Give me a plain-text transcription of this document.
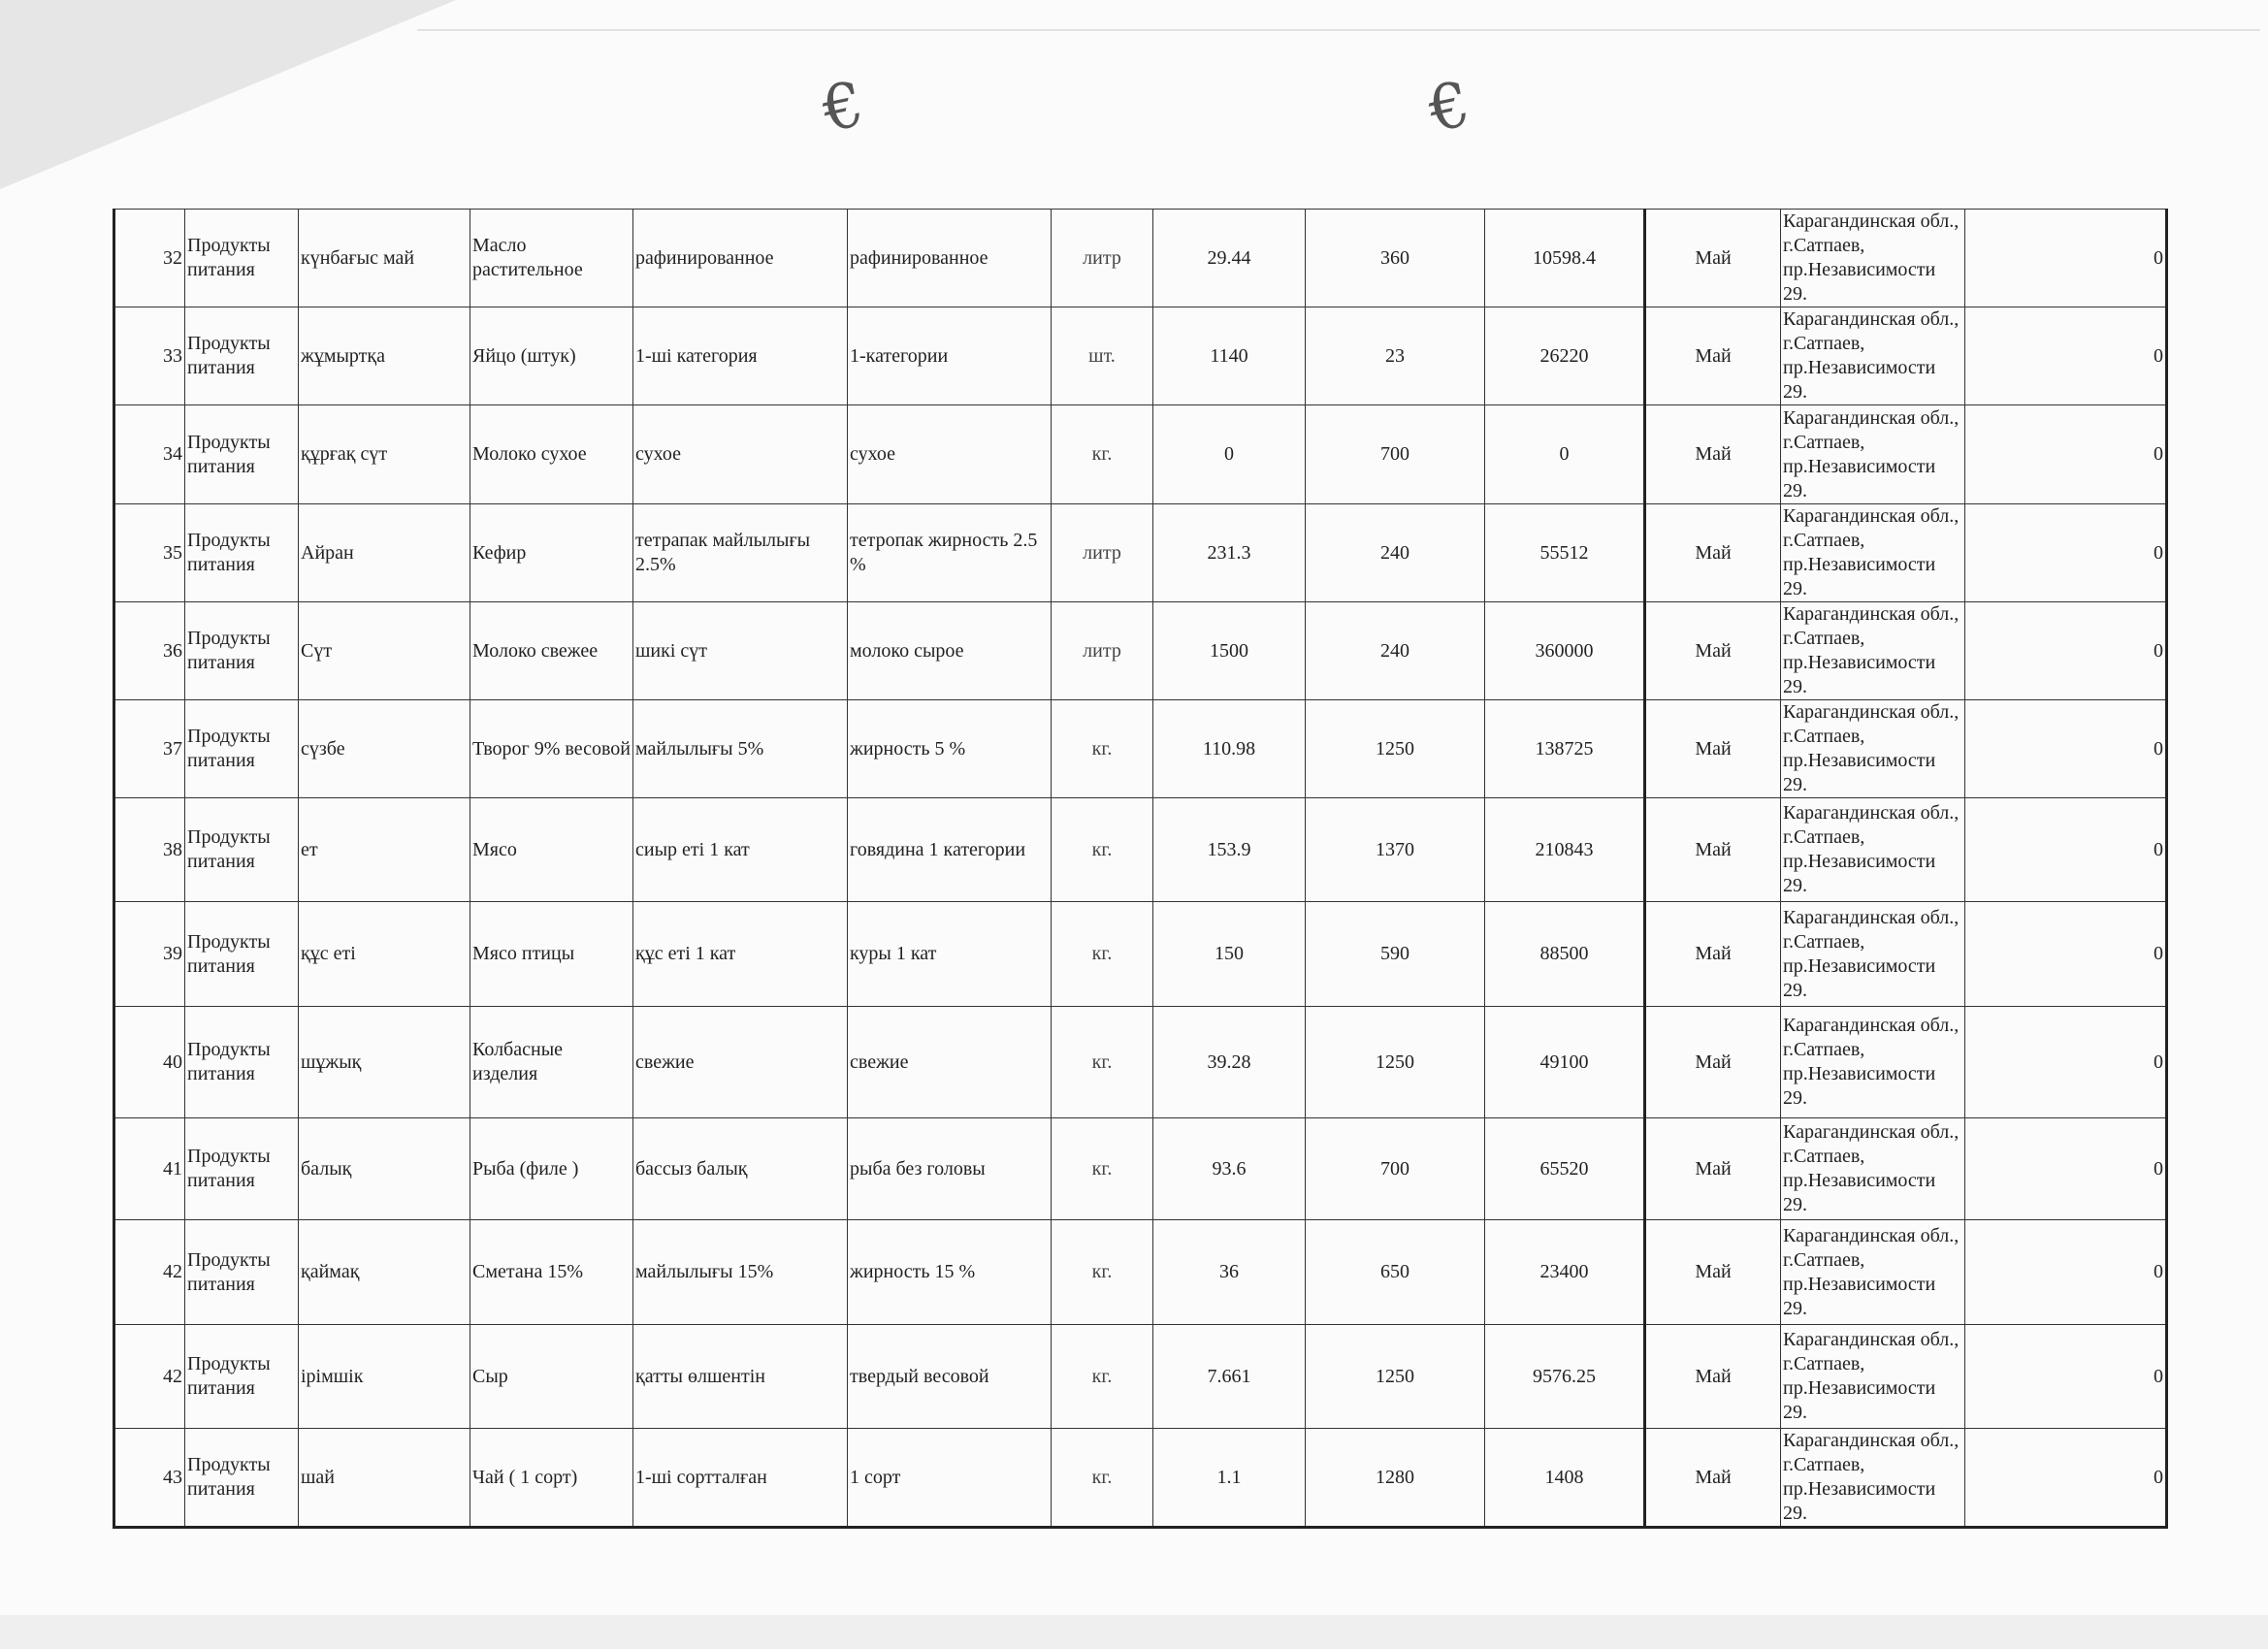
€	€
32	Продукты питания	күнбағыс май	Масло растительное	рафинированное	рафинированное	литр	29.44	360	10598.4	Май	Карагандинская обл., г.Сатпаев, пр.Независимости 29.	0
33	Продукты питания	жұмыртқа	Яйцо (штук)	1-ші категория	1-категории	шт.	1140	23	26220	Май	Карагандинская обл., г.Сатпаев, пр.Независимости 29.	0
34	Продукты питания	құрғақ сүт	Молоко сухое	сухое	сухое	кг.	0	700	0	Май	Карагандинская обл., г.Сатпаев, пр.Независимости 29.	0
35	Продукты питания	Айран	Кефир	тетрапак майлылығы 2.5%	тетропак жирность 2.5 %	литр	231.3	240	55512	Май	Карагандинская обл., г.Сатпаев, пр.Независимости 29.	0
36	Продукты питания	Сүт	Молоко свежее	шикі сүт	молоко сырое	литр	1500	240	360000	Май	Карагандинская обл., г.Сатпаев, пр.Независимости 29.	0
37	Продукты питания	сүзбе	Творог 9% весовой	майлылығы 5%	жирность 5 %	кг.	110.98	1250	138725	Май	Карагандинская обл., г.Сатпаев, пр.Независимости 29.	0
38	Продукты питания	ет	Мясо	сиыр еті 1 кат	говядина 1 категории	кг.	153.9	1370	210843	Май	Карагандинская обл., г.Сатпаев, пр.Независимости 29.	0
39	Продукты питания	құс еті	Мясо птицы	құс еті 1 кат	куры 1 кат	кг.	150	590	88500	Май	Карагандинская обл., г.Сатпаев, пр.Независимости 29.	0
40	Продукты питания	шұжық	Колбасные изделия	свежие	свежие	кг.	39.28	1250	49100	Май	Карагандинская обл., г.Сатпаев, пр.Независимости 29.	0
41	Продукты питания	балық	Рыба (филе )	бассыз балық	рыба без головы	кг.	93.6	700	65520	Май	Карагандинская обл., г.Сатпаев, пр.Независимости 29.	0
42	Продукты питания	қаймақ	Сметана 15%	майлылығы 15%	жирность 15 %	кг.	36	650	23400	Май	Карагандинская обл., г.Сатпаев, пр.Независимости 29.	0
42	Продукты питания	ірімшік	Сыр	қатты өлшентін	твердый весовой	кг.	7.661	1250	9576.25	Май	Карагандинская обл., г.Сатпаев, пр.Независимости 29.	0
43	Продукты питания	шай	Чай ( 1 сорт)	1-ші сортталған	1 сорт	кг.	1.1	1280	1408	Май	Карагандинская обл., г.Сатпаев, пр.Независимости 29.	0
